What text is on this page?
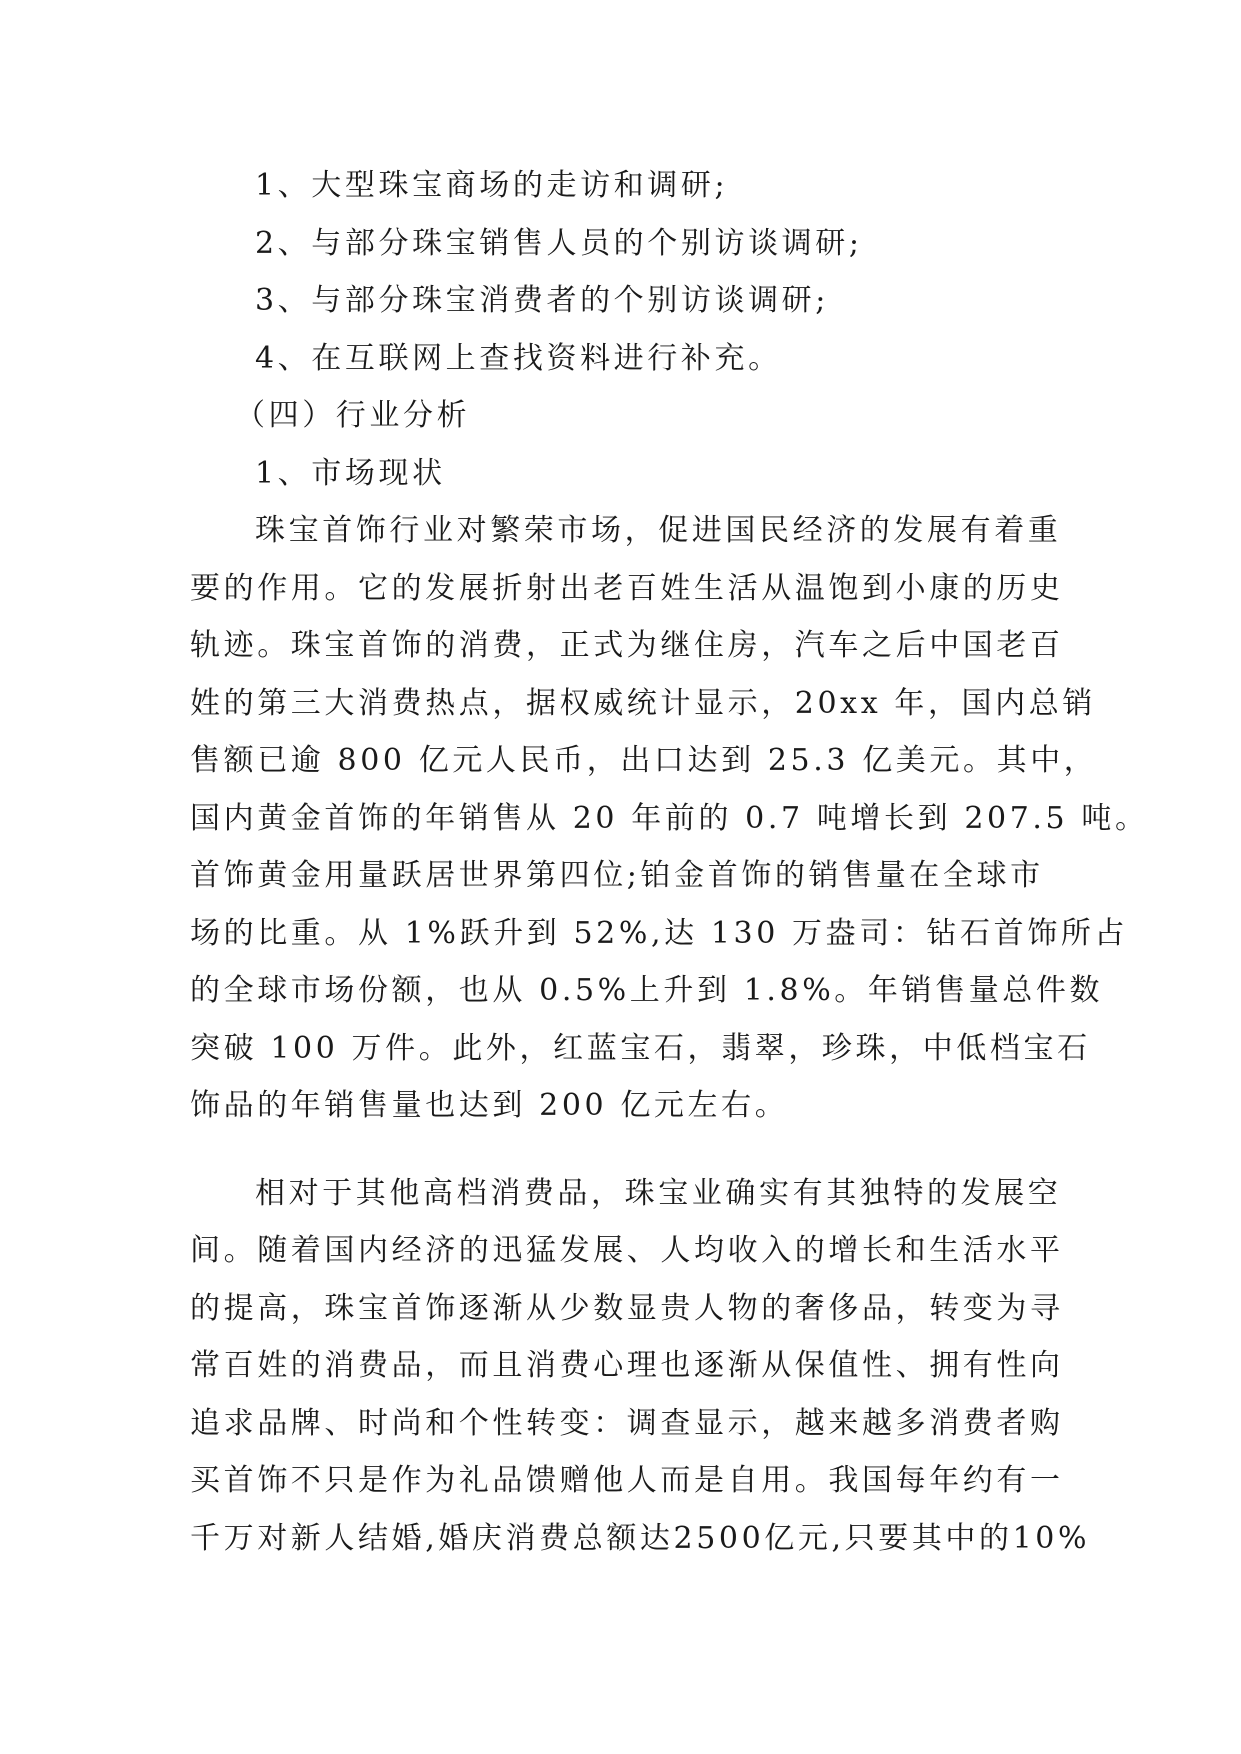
1、大型珠宝商场的走访和调研;
2、与部分珠宝销售人员的个别访谈调研;
3、与部分珠宝消费者的个别访谈调研;
4、在互联网上查找资料进行补充。
（四）行业分析
1、市场现状
珠宝首饰行业对繁荣市场，促进国民经济的发展有着重
要的作用。它的发展折射出老百姓生活从温饱到小康的历史
轨迹。珠宝首饰的消费，正式为继住房，汽车之后中国老百
姓的第三大消费热点，据权威统计显示，20xx 年，国内总销
售额已逾 800 亿元人民币，出口达到 25.3 亿美元。其中，
国内黄金首饰的年销售从 20 年前的 0.7 吨增长到 207.5 吨。
首饰黄金用量跃居世界第四位;铂金首饰的销售量在全球市
场的比重。从 1%跃升到 52%,达 130 万盎司：钻石首饰所占
的全球市场份额，也从 0.5%上升到 1.8%。年销售量总件数
突破 100 万件。此外，红蓝宝石，翡翠，珍珠，中低档宝石
饰品的年销售量也达到 200 亿元左右。
相对于其他高档消费品，珠宝业确实有其独特的发展空
间。随着国内经济的迅猛发展、人均收入的增长和生活水平
的提高，珠宝首饰逐渐从少数显贵人物的奢侈品，转变为寻
常百姓的消费品，而且消费心理也逐渐从保值性、拥有性向
追求品牌、时尚和个性转变：调查显示，越来越多消费者购
买首饰不只是作为礼品馈赠他人而是自用。我国每年约有一
千万对新人结婚,婚庆消费总额达2500亿元,只要其中的10%
